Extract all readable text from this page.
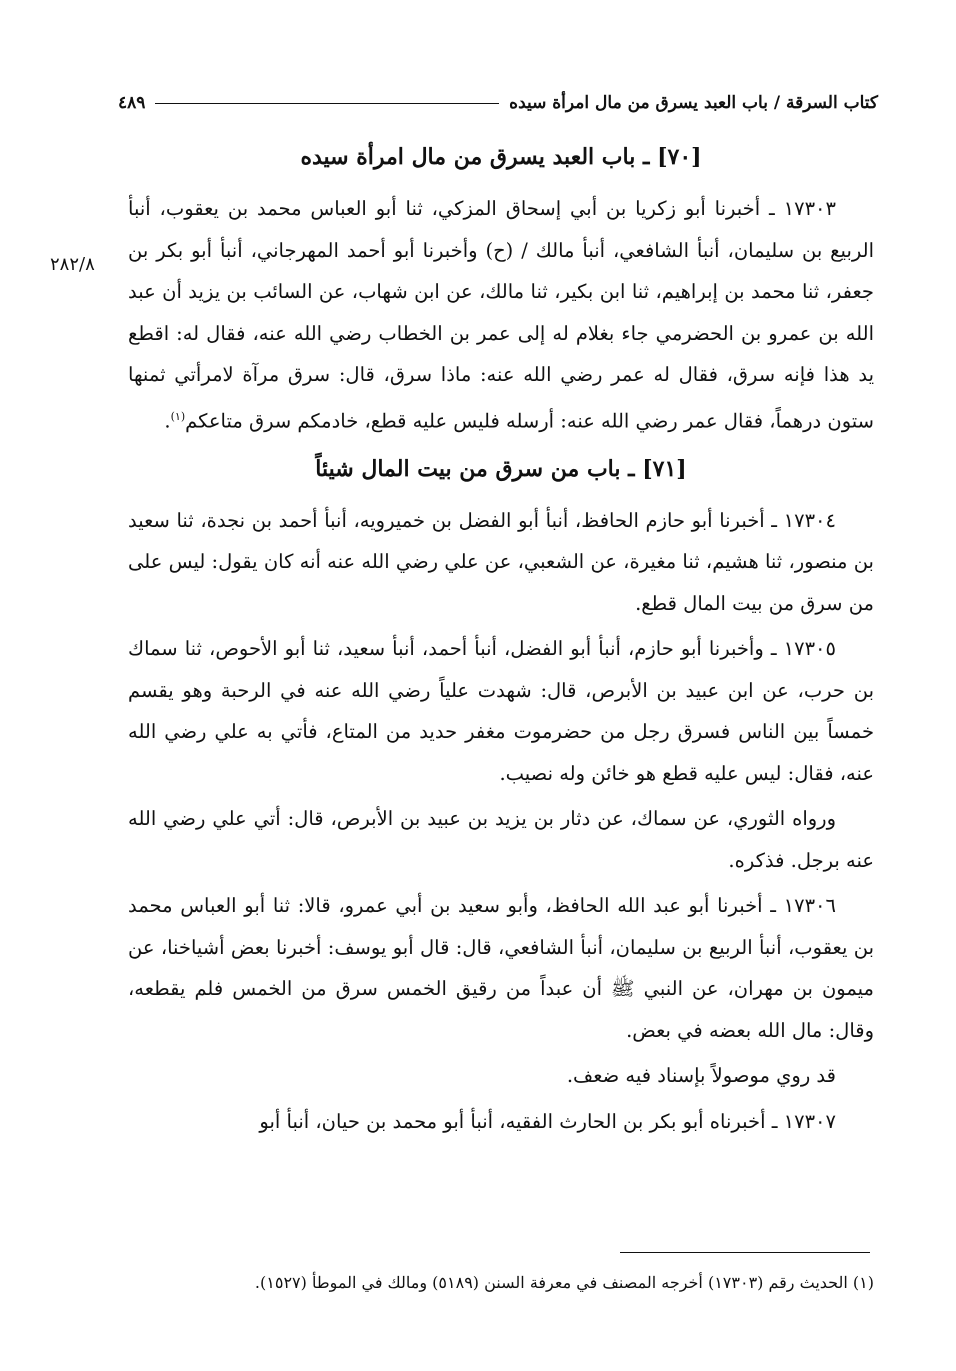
كتاب السرقة / باب العبد يسرق من مال امرأة سيده
٤٨٩
٢٨٢/٨
[٧٠] ـ باب العبد يسرق من مال امرأة سيده

١٧٣٠٣ ـ أخبرنا أبو زكريا بن أبي إسحاق المزكي، ثنا أبو العباس محمد بن يعقوب، أنبأ الربيع بن سليمان، أنبأ الشافعي، أنبأ مالك / (ح) وأخبرنا أبو أحمد المهرجاني، أنبأ أبو بكر بن جعفر، ثنا محمد بن إبراهيم، ثنا ابن بكير، ثنا مالك، عن ابن شهاب، عن السائب بن يزيد أن عبد الله بن عمرو بن الحضرمي جاء بغلام له إلى عمر بن الخطاب رضي الله عنه، فقال له: اقطع يد هذا فإنه سرق، فقال له عمر رضي الله عنه: ماذا سرق، قال: سرق مرآة لامرأتي ثمنها ستون درهماً، فقال عمر رضي الله عنه: أرسله فليس عليه قطع، خادمكم سرق متاعكم$^{(١)}$.

[٧١] ـ باب من سرق من بيت المال شيئاً

١٧٣٠٤ ـ أخبرنا أبو حازم الحافظ، أنبأ أبو الفضل بن خميرويه، أنبأ أحمد بن نجدة، ثنا سعيد بن منصور، ثنا هشيم، ثنا مغيرة، عن الشعبي، عن علي رضي الله عنه أنه كان يقول: ليس على من سرق من بيت المال قطع.

١٧٣٠٥ ـ وأخبرنا أبو حازم، أنبأ أبو الفضل، أنبأ أحمد، أنبأ سعيد، ثنا أبو الأحوص، ثنا سماك بن حرب، عن ابن عبيد بن الأبرص، قال: شهدت علياً رضي الله عنه في الرحبة وهو يقسم خمساً بين الناس فسرق رجل من حضرموت مغفر حديد من المتاع، فأتي به علي رضي الله عنه، فقال: ليس عليه قطع هو خائن وله نصيب.

ورواه الثوري، عن سماك، عن دثار بن يزيد بن عبيد بن الأبرص، قال: أتي علي رضي الله عنه برجل. فذكره.

١٧٣٠٦ ـ أخبرنا أبو عبد الله الحافظ، وأبو سعيد بن أبي عمرو، قالا: ثنا أبو العباس محمد بن يعقوب، أنبأ الربيع بن سليمان، أنبأ الشافعي، قال: قال أبو يوسف: أخبرنا بعض أشياخنا، عن ميمون بن مهران، عن النبي ﷺ أن عبداً من رقيق الخمس سرق من الخمس فلم يقطعه، وقال: مال الله بعضه في بعض.

قد روي موصولاً بإسناد فيه ضعف.

١٧٣٠٧ ـ أخبرناه أبو بكر بن الحارث الفقيه، أنبأ أبو محمد بن حيان، أنبأ أبو

(١) الحديث رقم (١٧٣٠٣) أخرجه المصنف في معرفة السنن (٥١٨٩) ومالك في الموطأ (١٥٢٧).
